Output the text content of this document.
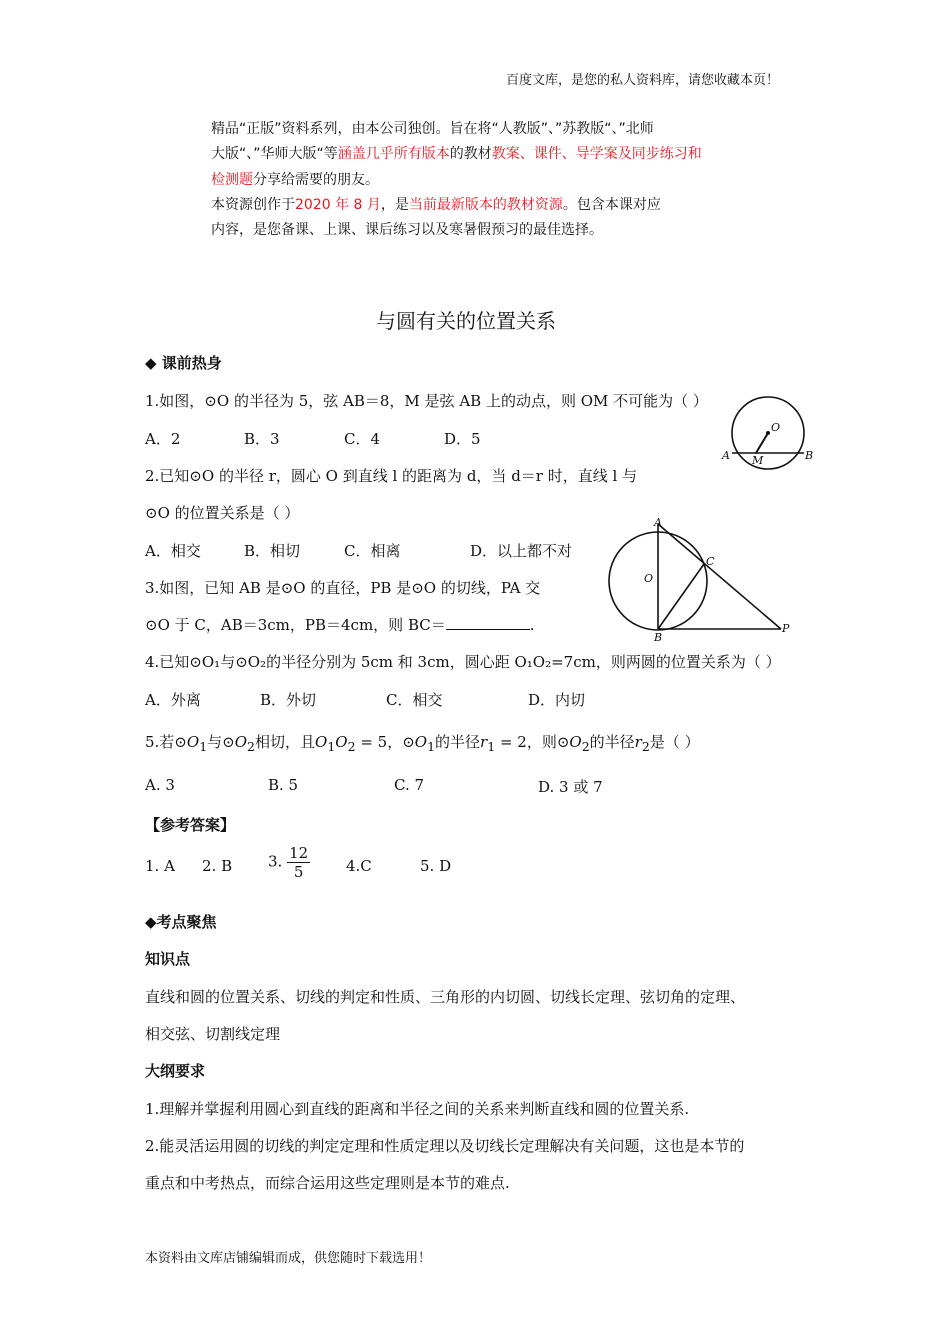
百度文库，是您的私人资料库，请您收藏本页！
精品“正版”资料系列，由本公司独创。旨在将“人教版”、”苏教版“、”北师
大版“、”华师大版“等涵盖几乎所有版本的教材教案、课件、导学案及同步练习和
检测题分享给需要的朋友。
本资源创作于2020 年 8 月，是当前最新版本的教材资源。包含本课对应
内容，是您备课、上课、课后练习以及寒暑假预习的最佳选择。
与圆有关的位置关系
◆ 课前热身
1.如图，⊙O 的半径为 5，弦 AB＝8，M 是弦 AB 上的动点，则 OM 不可能为（ ）
A．2	B．3	C．4	D．5
O
A M	B
2.已知⊙O 的半径 r，圆心 O 到直线 l 的距离为 d，当 d＝r 时，直线 l 与
⊙O 的位置关系是（ ）
A．相交	B．相切	C．相离	D．以上都不对
3.如图，已知 AB 是⊙O 的直径，PB 是⊙O 的切线，PA 交
⊙O 于 C，AB＝3cm，PB＝4cm，则 BC＝	.
A
O
C
B
P
4.已知⊙O₁与⊙O₂的半径分别为 5cm 和 3cm，圆心距 O₁O₂=7cm，则两圆的位置关系为（ ）
A．外离	B．外切	C．相交	D．内切
5.若$⊙O_1$与$⊙O_2$相切，且$O_1O_2 = 5$，$⊙O_1$的半径$r_1 = 2$，则$⊙O_2$的半径$r_2$是（ ）
A. 3	B. 5	C. 7	D. 3 或 7
【参考答案】
1. A 2. B 3. $\frac{12}{5} 4.C$	5. D
◆考点聚焦
知识点
直线和圆的位置关系、切线的判定和性质、三角形的内切圆、切线长定理、弦切角的定理、
相交弦、切割线定理
大纲要求
1.理解并掌握利用圆心到直线的距离和半径之间的关系来判断直线和圆的位置关系.
2.能灵活运用圆的切线的判定定理和性质定理以及切线长定理解决有关问题，这也是本节的
重点和中考热点，而综合运用这些定理则是本节的难点.
本资料由文库店铺编辑而成，供您随时下载选用！
